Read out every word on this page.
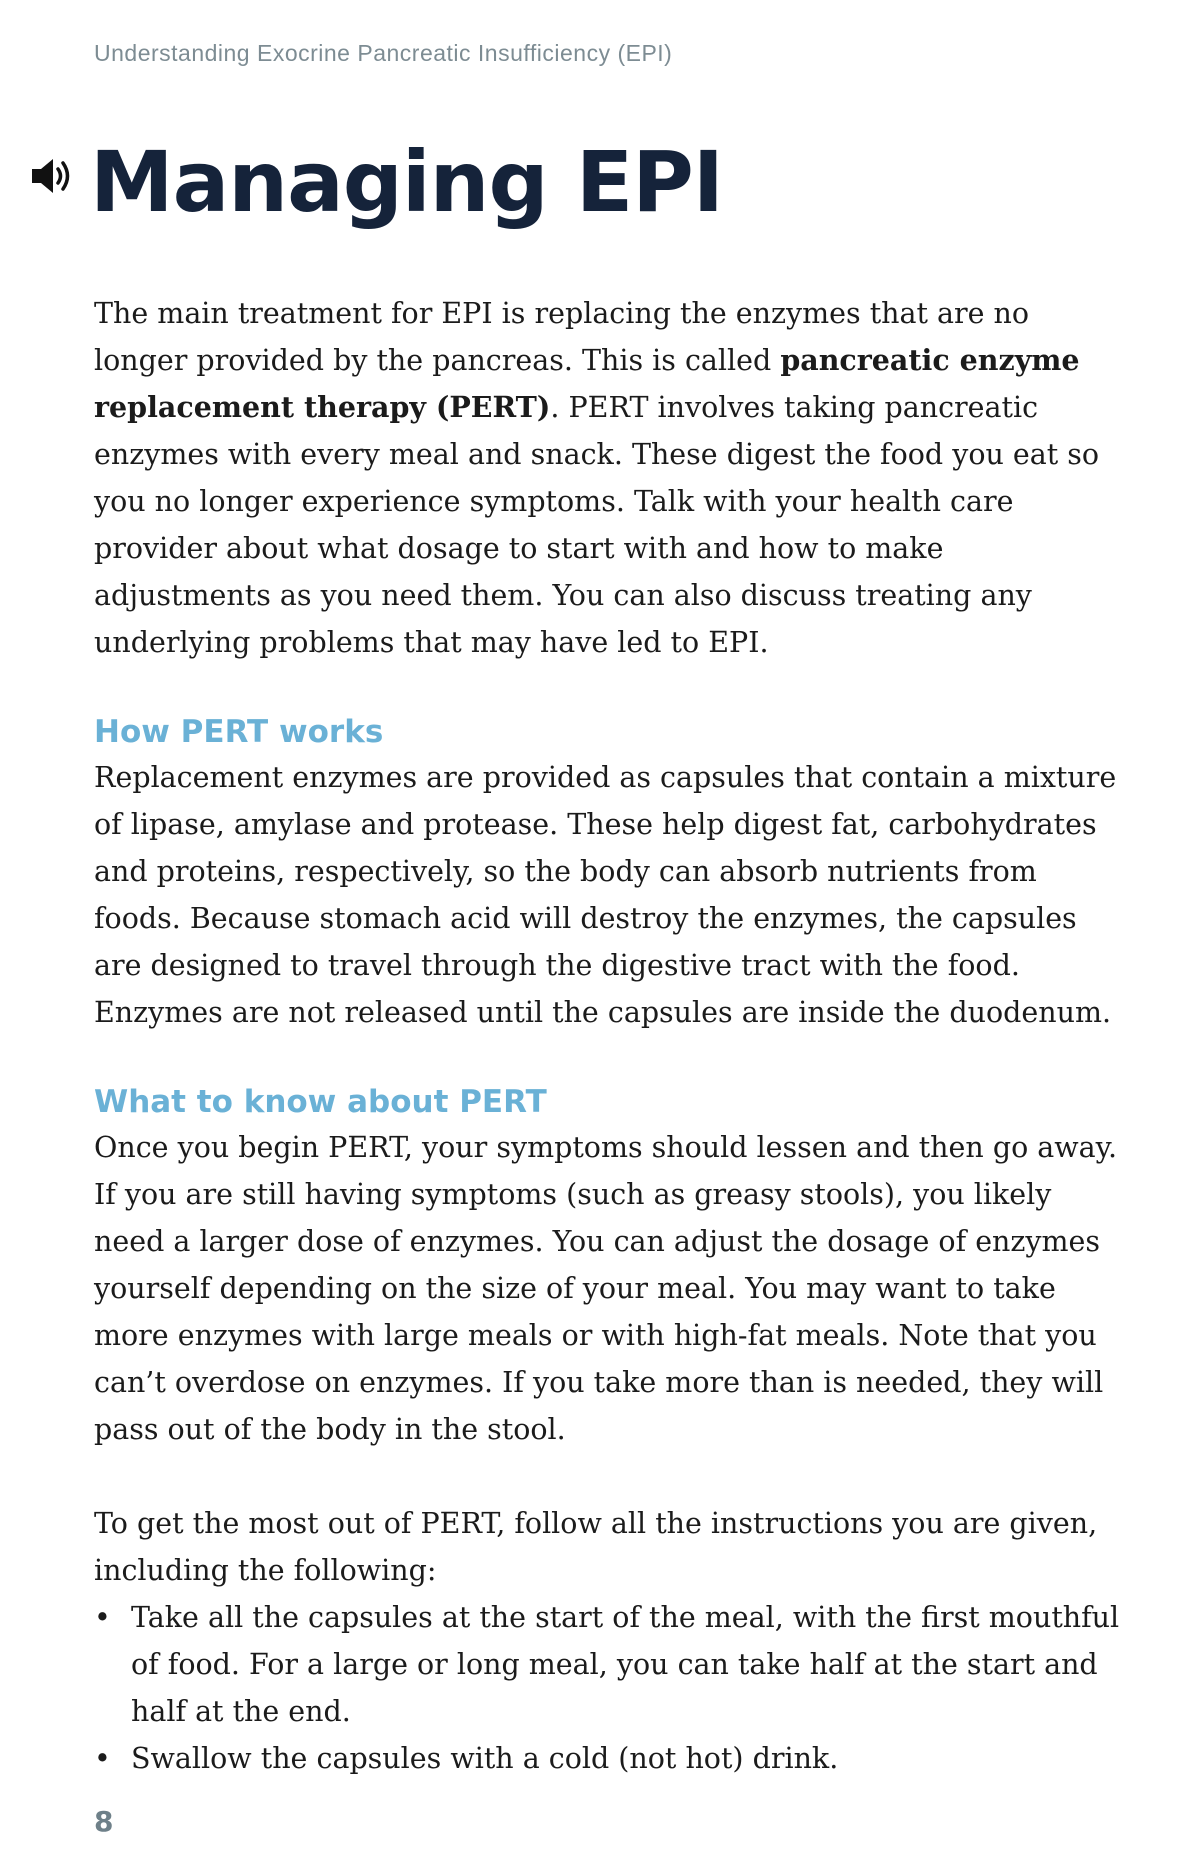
Understanding Exocrine Pancreatic Insufficiency (EPI)
Managing EPI

The main treatment for EPI is replacing the enzymes that are no longer provided by the pancreas. This is called pancreatic enzyme replacement therapy (PERT). PERT involves taking pancreatic enzymes with every meal and snack. These digest the food you eat so you no longer experience symptoms. Talk with your health care provider about what dosage to start with and how to make adjustments as you need them. You can also discuss treating any underlying problems that may have led to EPI.

How PERT works

Replacement enzymes are provided as capsules that contain a mixture of lipase, amylase and protease. These help digest fat, carbohydrates and proteins, respectively, so the body can absorb nutrients from foods. Because stomach acid will destroy the enzymes, the capsules are designed to travel through the digestive tract with the food. Enzymes are not released until the capsules are inside the duodenum.

What to know about PERT

Once you begin PERT, your symptoms should lessen and then go away. If you are still having symptoms (such as greasy stools), you likely need a larger dose of enzymes. You can adjust the dosage of enzymes yourself depending on the size of your meal. You may want to take more enzymes with large meals or with high-fat meals. Note that you can’t overdose on enzymes. If you take more than is needed, they will pass out of the body in the stool.

To get the most out of PERT, follow all the instructions you are given, including the following:

• Take all the capsules at the start of the meal, with the first mouthful of food. For a large or long meal, you can take half at the start and half at the end.
• Swallow the capsules with a cold (not hot) drink.
8
